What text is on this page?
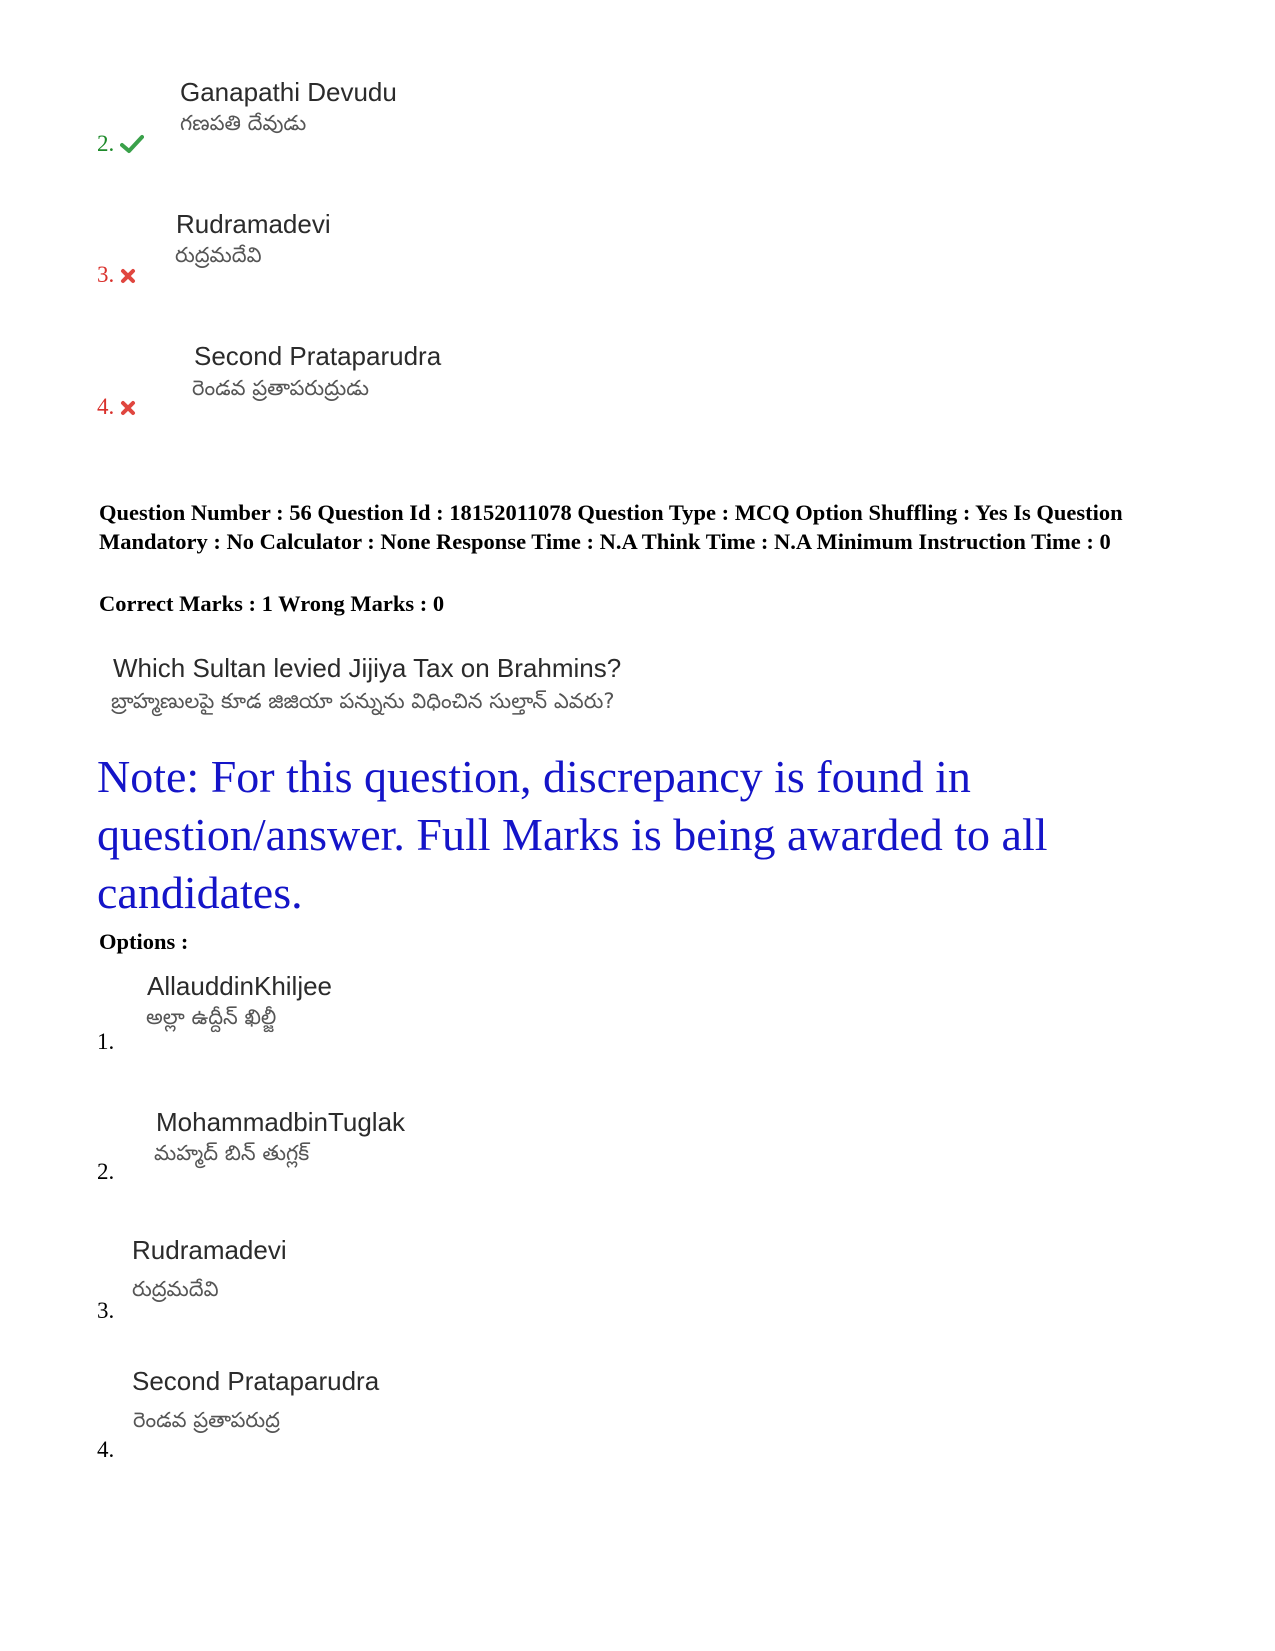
2.
Ganapathi Devudu
గణపతి దేవుడు
3.
Rudramadevi
రుద్రమదేవి
4.
Second Prataparudra
రెండవ ప్రతాపరుద్రుడు
Question Number : 56 Question Id : 18152011078 Question Type : MCQ Option Shuffling : Yes Is Question Mandatory : No Calculator : None Response Time : N.A Think Time : N.A Minimum Instruction Time : 0
Correct Marks : 1 Wrong Marks : 0
Which Sultan levied Jijiya Tax on Brahmins?
బ్రాహ్మణులపై కూడ జిజియా పన్నును విధించిన సుల్తాన్ ఎవరు?
Note: For this question, discrepancy is found in question/answer. Full Marks is being awarded to all candidates.
Options :
1.
AllauddinKhiljee
అల్లా ఉద్దీన్ ఖిల్జీ
2.
MohammadbinTuglak
మహ్మద్ బిన్ తుగ్లక్
3.
Rudramadevi
రుద్రమదేవి
4.
Second Prataparudra
రెండవ ప్రతాపరుద్ర
